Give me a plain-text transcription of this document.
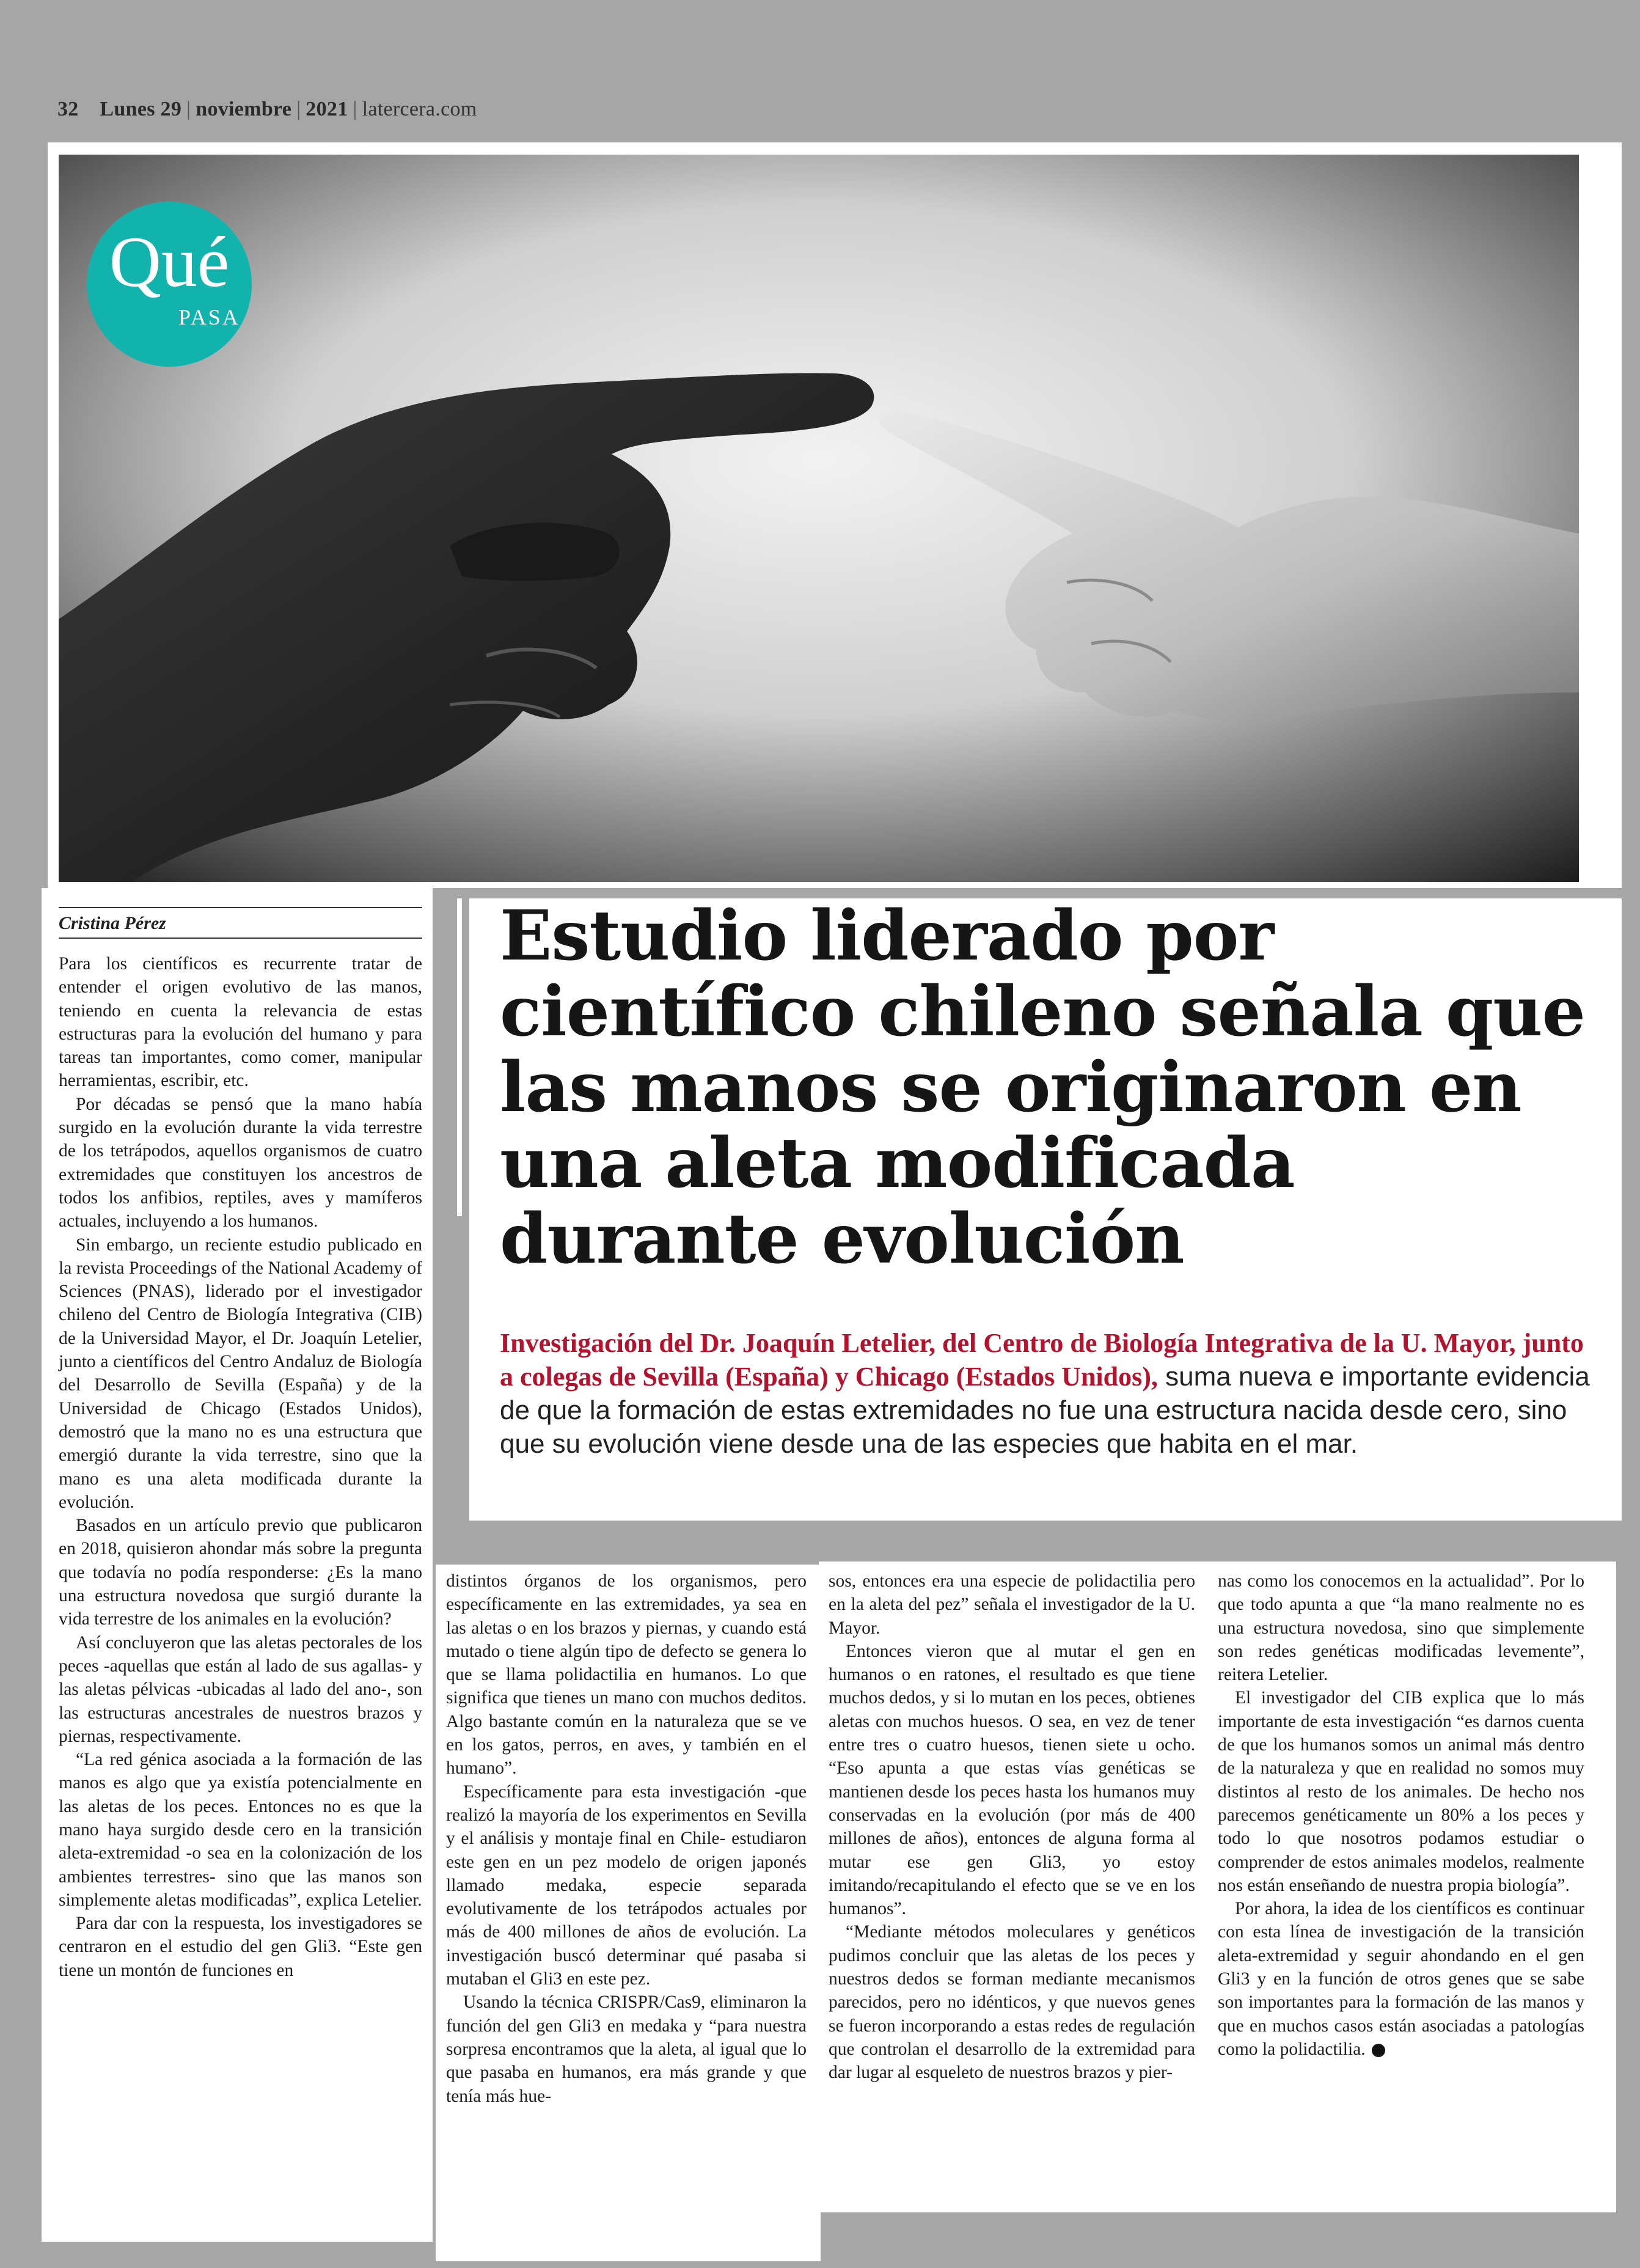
32 Lunes 29 | noviembre | 2021 | latercera.com
Qué
PASA
Cristina Pérez

Para los científicos es recurrente tratar de entender el origen evolutivo de las manos, teniendo en cuenta la relevancia de estas estructuras para la evolución del humano y para tareas tan importantes, como comer, manipular herramientas, escribir, etc.

Por décadas se pensó que la mano había surgido en la evolución durante la vida terrestre de los tetrápodos, aquellos organismos de cuatro extremidades que constituyen los ancestros de todos los anfibios, reptiles, aves y mamíferos actuales, incluyendo a los humanos.

Sin embargo, un reciente estudio publicado en la revista Proceedings of the National Academy of Sciences (PNAS), liderado por el investigador chileno del Centro de Biología Integrativa (CIB) de la Universidad Mayor, el Dr. Joaquín Letelier, junto a científicos del Centro Andaluz de Biología del Desarrollo de Sevilla (España) y de la Universidad de Chicago (Estados Unidos), demostró que la mano no es una estructura que emergió durante la vida terrestre, sino que la mano es una aleta modificada durante la evolución.

Basados en un artículo previo que publicaron en 2018, quisieron ahondar más sobre la pregunta que todavía no podía responderse: ¿Es la mano una estructura novedosa que surgió durante la vida terrestre de los animales en la evolución?

Así concluyeron que las aletas pectorales de los peces -aquellas que están al lado de sus agallas- y las aletas pélvicas -ubicadas al lado del ano-, son las estructuras ancestrales de nuestros brazos y piernas, respectivamente.

“La red génica asociada a la formación de las manos es algo que ya existía potencialmente en las aletas de los peces. Entonces no es que la mano haya surgido desde cero en la transición aleta-extremidad -o sea en la colonización de los ambientes terrestres- sino que las manos son simplemente aletas modificadas”, explica Letelier.

Para dar con la respuesta, los investigadores se centraron en el estudio del gen Gli3. “Este gen tiene un montón de funciones en

Estudio liderado por científico chileno señala que las manos se originaron en una aleta modificada durante evolución
Investigación del Dr. Joaquín Letelier, del Centro de Biología Integrativa de la U. Mayor, junto a colegas de Sevilla (España) y Chicago (Estados Unidos), suma nueva e importante evidencia de que la formación de estas extremidades no fue una estructura nacida desde cero, sino que su evolución viene desde una de las especies que habita en el mar.

distintos órganos de los organismos, pero específicamente en las extremidades, ya sea en las aletas o en los brazos y piernas, y cuando está mutado o tiene algún tipo de defecto se genera lo que se llama polidactilia en humanos. Lo que significa que tienes un mano con muchos deditos. Algo bastante común en la naturaleza que se ve en los gatos, perros, en aves, y también en el humano”.

Específicamente para esta investigación -que realizó la mayoría de los experimentos en Sevilla y el análisis y montaje final en Chile- estudiaron este gen en un pez modelo de origen japonés llamado medaka, especie separada evolutivamente de los tetrápodos actuales por más de 400 millones de años de evolución. La investigación buscó determinar qué pasaba si mutaban el Gli3 en este pez.

Usando la técnica CRISPR/Cas9, eliminaron la función del gen Gli3 en medaka y “para nuestra sorpresa encontramos que la aleta, al igual que lo que pasaba en humanos, era más grande y que tenía más hue-

sos, entonces era una especie de polidactilia pero en la aleta del pez” señala el investigador de la U. Mayor.

Entonces vieron que al mutar el gen en humanos o en ratones, el resultado es que tiene muchos dedos, y si lo mutan en los peces, obtienes aletas con muchos huesos. O sea, en vez de tener entre tres o cuatro huesos, tienen siete u ocho. “Eso apunta a que estas vías genéticas se mantienen desde los peces hasta los humanos muy conservadas en la evolución (por más de 400 millones de años), entonces de alguna forma al mutar ese gen Gli3, yo estoy imitando/recapitulando el efecto que se ve en los humanos”.

“Mediante métodos moleculares y genéticos pudimos concluir que las aletas de los peces y nuestros dedos se forman mediante mecanismos parecidos, pero no idénticos, y que nuevos genes se fueron incorporando a estas redes de regulación que controlan el desarrollo de la extremidad para dar lugar al esqueleto de nuestros brazos y pier-

nas como los conocemos en la actualidad”. Por lo que todo apunta a que “la mano realmente no es una estructura novedosa, sino que simplemente son redes genéticas modificadas levemente”, reitera Letelier.

El investigador del CIB explica que lo más importante de esta investigación “es darnos cuenta de que los humanos somos un animal más dentro de la naturaleza y que en realidad no somos muy distintos al resto de los animales. De hecho nos parecemos genéticamente un 80% a los peces y todo lo que nosotros podamos estudiar o comprender de estos animales modelos, realmente nos están enseñando de nuestra propia biología”.

Por ahora, la idea de los científicos es continuar con esta línea de investigación de la transición aleta-extremidad y seguir ahondando en el gen Gli3 y en la función de otros genes que se sabe son importantes para la formación de las manos y que en muchos casos están asociadas a patologías como la polidactilia.
